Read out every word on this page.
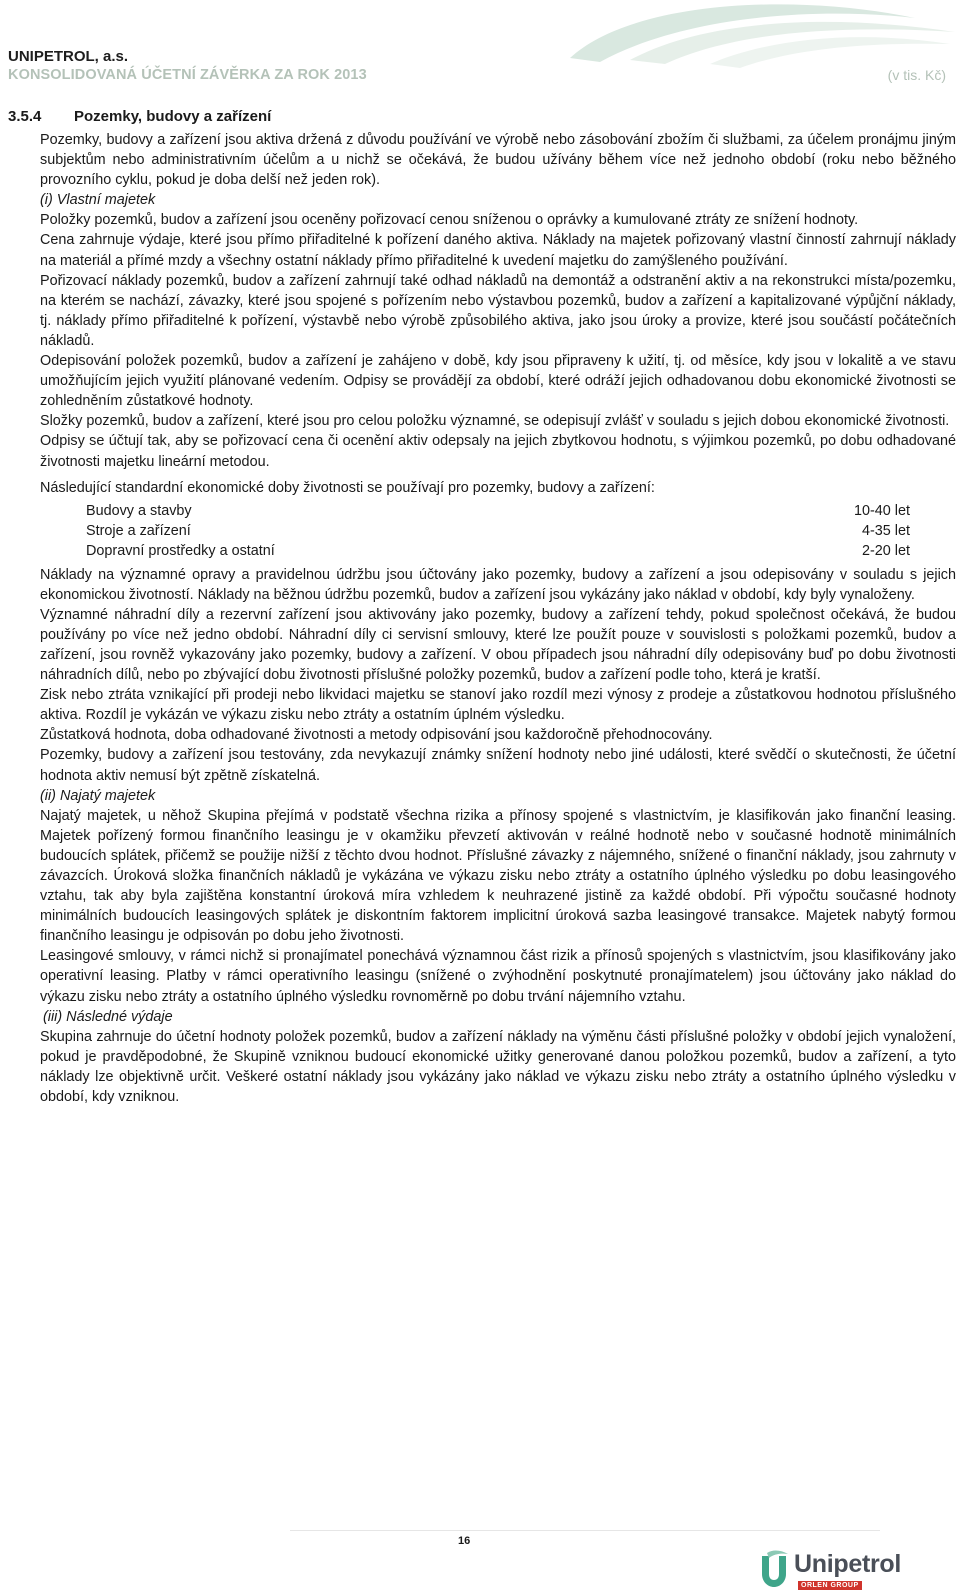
UNIPETROL, a.s.
KONSOLIDOVANÁ ÚČETNÍ ZÁVĚRKA ZA ROK 2013	(v tis. Kč)
3.5.4 Pozemky, budovy a zařízení

Pozemky, budovy a zařízení jsou aktiva držená z důvodu používání ve výrobě nebo zásobování zbožím či službami, za účelem pronájmu jiným subjektům nebo administrativním účelům a u nichž se očekává, že budou užívány během více než jednoho období (roku nebo běžného provozního cyklu, pokud je doba delší než jeden rok).

(i) Vlastní majetek

Položky pozemků, budov a zařízení jsou oceněny pořizovací cenou sníženou o oprávky a kumulované ztráty ze snížení hodnoty.

Cena zahrnuje výdaje, které jsou přímo přiřaditelné k pořízení daného aktiva. Náklady na majetek pořizovaný vlastní činností zahrnují náklady na materiál a přímé mzdy a všechny ostatní náklady přímo přiřaditelné k uvedení majetku do zamýšleného používání.

Pořizovací náklady pozemků, budov a zařízení zahrnují také odhad nákladů na demontáž a odstranění aktiv a na rekonstrukci místa/pozemku, na kterém se nachází, závazky, které jsou spojené s pořízením nebo výstavbou pozemků, budov a zařízení a kapitalizované výpůjční náklady, tj. náklady přímo přiřaditelné k pořízení, výstavbě nebo výrobě způsobilého aktiva, jako jsou úroky a provize, které jsou součástí počátečních nákladů.

Odepisování položek pozemků, budov a zařízení je zahájeno v době, kdy jsou připraveny k užití, tj. od měsíce, kdy jsou v lokalitě a ve stavu umožňujícím jejich využití plánované vedením. Odpisy se provádějí za období, které odráží jejich odhadovanou dobu ekonomické životnosti se zohledněním zůstatkové hodnoty.

Složky pozemků, budov a zařízení, které jsou pro celou položku významné, se odepisují zvlášť v souladu s jejich dobou ekonomické životnosti.

Odpisy se účtují tak, aby se pořizovací cena či ocenění aktiv odepsaly na jejich zbytkovou hodnotu, s výjimkou pozemků, po dobu odhadované životnosti majetku lineární metodou.

Následující standardní ekonomické doby životnosti se používají pro pozemky, budovy a zařízení:

Budovy a stavby	10-40 let
Stroje a zařízení	4-35 let
Dopravní prostředky a ostatní	2-20 let

Náklady na významné opravy a pravidelnou údržbu jsou účtovány jako pozemky, budovy a zařízení a jsou odepisovány v souladu s jejich ekonomickou životností. Náklady na běžnou údržbu pozemků, budov a zařízení jsou vykázány jako náklad v období, kdy byly vynaloženy.

Významné náhradní díly a rezervní zařízení jsou aktivovány jako pozemky, budovy a zařízení tehdy, pokud společnost očekává, že budou používány po více než jedno období. Náhradní díly ci servisní smlouvy, které lze použít pouze v souvislosti s položkami pozemků, budov a zařízení, jsou rovněž vykazovány jako pozemky, budovy a zařízení. V obou případech jsou náhradní díly odepisovány buď po dobu životnosti náhradních dílů, nebo po zbývající dobu životnosti příslušné položky pozemků, budov a zařízení podle toho, která je kratší.

Zisk nebo ztráta vznikající při prodeji nebo likvidaci majetku se stanoví jako rozdíl mezi výnosy z prodeje a zůstatkovou hodnotou příslušného aktiva. Rozdíl je vykázán ve výkazu zisku nebo ztráty a ostatním úplném výsledku.

Zůstatková hodnota, doba odhadované životnosti a metody odpisování jsou každoročně přehodnocovány.

Pozemky, budovy a zařízení jsou testovány, zda nevykazují známky snížení hodnoty nebo jiné události, které svědčí o skutečnosti, že účetní hodnota aktiv nemusí být zpětně získatelná.

(ii) Najatý majetek

Najatý majetek, u něhož Skupina přejímá v podstatě všechna rizika a přínosy spojené s vlastnictvím, je klasifikován jako finanční leasing. Majetek pořízený formou finančního leasingu je v okamžiku převzetí aktivován v reálné hodnotě nebo v současné hodnotě minimálních budoucích splátek, přičemž se použije nižší z těchto dvou hodnot. Příslušné závazky z nájemného, snížené o finanční náklady, jsou zahrnuty v závazcích. Úroková složka finančních nákladů je vykázána ve výkazu zisku nebo ztráty a ostatního úplného výsledku po dobu leasingového vztahu, tak aby byla zajištěna konstantní úroková míra vzhledem k neuhrazené jistině za každé období. Při výpočtu současné hodnoty minimálních budoucích leasingových splátek je diskontním faktorem implicitní úroková sazba leasingové transakce. Majetek nabytý formou finančního leasingu je odpisován po dobu jeho životnosti.

Leasingové smlouvy, v rámci nichž si pronajímatel ponechává významnou část rizik a přínosů spojených s vlastnictvím, jsou klasifikovány jako operativní leasing. Platby v rámci operativního leasingu (snížené o zvýhodnění poskytnuté pronajímatelem) jsou účtovány jako náklad do výkazu zisku nebo ztráty a ostatního úplného výsledku rovnoměrně po dobu trvání nájemního vztahu.

(iii) Následné výdaje

Skupina zahrnuje do účetní hodnoty položek pozemků, budov a zařízení náklady na výměnu části příslušné položky v období jejich vynaložení, pokud je pravděpodobné, že Skupině vzniknou budoucí ekonomické užitky generované danou položkou pozemků, budov a zařízení, a tyto náklady lze objektivně určit. Veškeré ostatní náklady jsou vykázány jako náklad ve výkazu zisku nebo ztráty a ostatního úplného výsledku v období, kdy vzniknou.

16
Unipetrol
ORLEN GROUP
